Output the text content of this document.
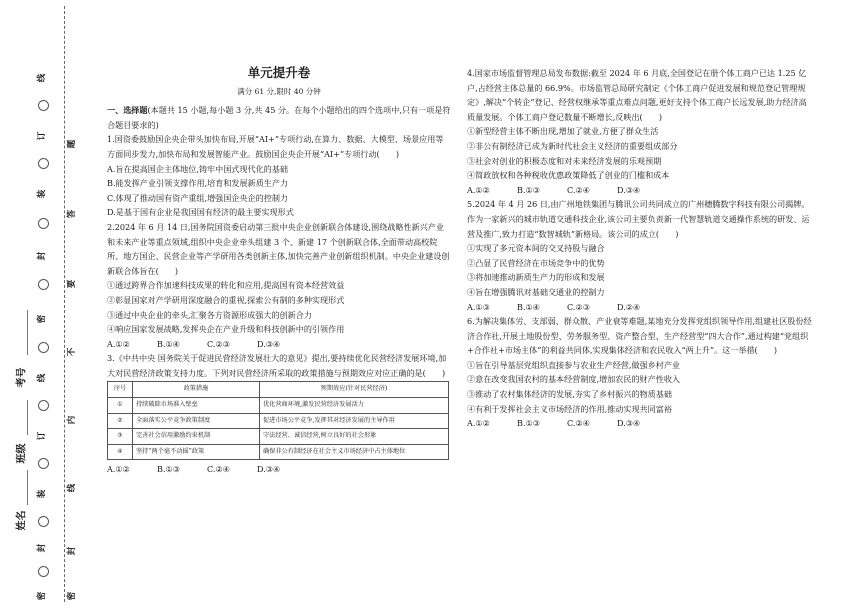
姓名
班级
考号
线
订
装
封
密
线
订
装
封
密
题
答
要
不
内
线
封
密
单元提升卷
满分 61 分,限时 40 分钟

一、选择题(本题共 15 小题,每小题 3 分,共 45 分。在每个小题给出的四个选项中,只有一项是符合题目要求的)

1.国资委鼓励国企央企带头加快布局,开展“AI+”专项行动,在算力、数据、大模型、场景应用等方面同步发力,加快布局和发展智能产业。鼓励国企央企开展“AI+”专项行动(　　)

A.旨在提高国企主体地位,铸牢中国式现代化的基础

B.能发挥产业引领支撑作用,培育和发展新质生产力

C.体现了推动国有资产重组,增强国企央企的控制力

D.是基于国有企业是我国国有经济的最主要实现形式

2.2024 年 6 月 14 日,国务院国资委启动第三批中央企业创新联合体建设,围绕战略性新兴产业和未来产业等重点领域,组织中央企业牵头组建 3 个、新建 17 个创新联合体,全面带动高校院所、地方国企、民营企业等产学研用各类创新主体,加快完善产业创新组织机制。中央企业建设创新联合体旨在(　　)

①通过跨界合作加速科技成果的转化和应用,提高国有资本经营效益

②彰显国家对产学研用深度融合的重视,探索公有制的多种实现形式

③通过中央企业的牵头,汇聚各方资源形成强大的创新合力

④响应国家发展战略,发挥央企在产业升级和科技创新中的引领作用

A.①②	B.①④	C.②③	D.③④

3.《中共中央 国务院关于促进民营经济发展壮大的意见》提出,要持续优化民营经济发展环境,加大对民营经济政策支持力度。下列对民营经济所采取的政策措施与预期效应对应正确的是(　　)

序号	政策措施	预期效应(针对民营经济)
①	持续破除市场准入壁垒	优化营商环境,激发民营经济发展活力
②	全面落实公平竞争政策制度	促进市场公平竞争,发挥其对经济发展的主导作用
③	完善社会信用激励约束机制	守法经营、诚信经营,树立良好的社会形象
④	坚持“两个毫不动摇”政策	确保非公有制经济在社会主义市场经济中占主体地位
A.①②	B.①③	C.②④	D.③④

4.国家市场监督管理总局发布数据:截至 2024 年 6 月底,全国登记在册个体工商户已达 1.25 亿户,占经营主体总量的 66.9%。市场监管总局研究制定《个体工商户促进发展和规范登记管理规定》,解决“个转企”登记、经营权继承等重点难点问题,更好支持个体工商户长远发展,助力经济高质量发展。个体工商户登记数量不断增长,反映出(　　)

①新型经营主体不断出现,增加了就业,方便了群众生活

②非公有制经济已成为新时代社会主义经济的重要组成部分

③社会对创业的积极态度和对未来经济发展的乐观预期

④简政放权和各种税收优惠政策降低了创业的门槛和成本

A.①②	B.①③	C.②④	D.③④

5.2024 年 4 月 26 日,由广州地铁集团与腾讯公司共同成立的广州穗腾数字科技有限公司揭牌。作为一家新兴的城市轨道交通科技企业,该公司主要负责新一代智慧轨道交通操作系统的研发、运营及推广,致力打造“数智城轨”新格局。该公司的成立(　　)

①实现了多元资本间的交叉持股与融合

②凸显了民营经济在市场竞争中的优势

③将加速推动新质生产力的形成和发展

④旨在增强腾讯对基础交通业的控制力

A.①③	B.①④	C.②③	D.②④

6.为解决集体労、支部弱、群众散、产业衰等难题,某地充分发挥党组织领导作用,组建社区股份经济合作社,开展土地股份型、劳务服务型、资产整合型、生产经营型“四大合作”,通过构建“党组织+合作社+市场主体”的利益共同体,实现集体经济和农民收入“两上升”。这一举措(　　)

①旨在引导基层党组织直接参与农业生产经营,做强乡村产业

②意在改变我国农村的基本经营制度,增加农民的财产性收入

③推动了农村集体经济的发展,夯实了乡村振兴的物质基础

④有利于发挥社会主义市场经济的作用,推动实现共同富裕

A.①②	B.①③	C.②④	D.③④
